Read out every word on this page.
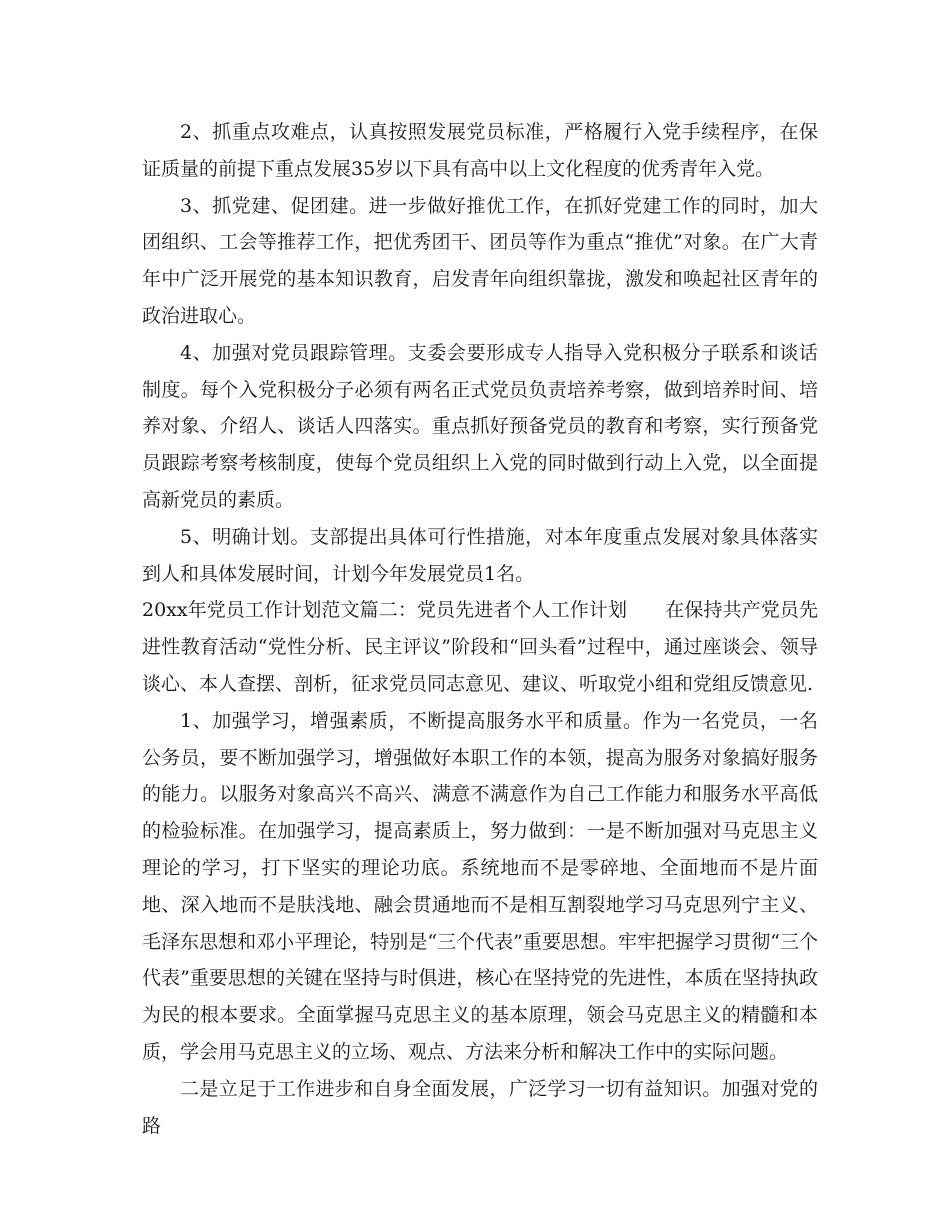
2、抓重点攻难点，认真按照发展党员标准，严格履行入党手续程序，在保证质量的前提下重点发展35岁以下具有高中以上文化程度的优秀青年入党。

3、抓党建、促团建。进一步做好推优工作，在抓好党建工作的同时，加大团组织、工会等推荐工作，把优秀团干、团员等作为重点“推优”对象。在广大青年中广泛开展党的基本知识教育，启发青年向组织靠拢，激发和唤起社区青年的政治进取心。

4、加强对党员跟踪管理。支委会要形成专人指导入党积极分子联系和谈话制度。每个入党积极分子必须有两名正式党员负责培养考察，做到培养时间、培养对象、介绍人、谈话人四落实。重点抓好预备党员的教育和考察，实行预备党员跟踪考察考核制度，使每个党员组织上入党的同时做到行动上入党，以全面提高新党员的素质。

5、明确计划。支部提出具体可行性措施，对本年度重点发展对象具体落实到人和具体发展时间，计划今年发展党员1名。

20xx年党员工作计划范文篇二：党员先进者个人工作计划　　在保持共产党员先进性教育活动“党性分析、民主评议”阶段和“回头看”过程中，通过座谈会、领导谈心、本人查摆、剖析，征求党员同志意见、建议、听取党小组和党组反馈意见.

1、加强学习，增强素质，不断提高服务水平和质量。作为一名党员，一名公务员，要不断加强学习，增强做好本职工作的本领，提高为服务对象搞好服务的能力。以服务对象高兴不高兴、满意不满意作为自己工作能力和服务水平高低的检验标准。在加强学习，提高素质上，努力做到：一是不断加强对马克思主义理论的学习，打下坚实的理论功底。系统地而不是零碎地、全面地而不是片面地、深入地而不是肤浅地、融会贯通地而不是相互割裂地学习马克思列宁主义、毛泽东思想和邓小平理论，特别是“三个代表”重要思想。牢牢把握学习贯彻“三个代表”重要思想的关键在坚持与时俱进，核心在坚持党的先进性，本质在坚持执政为民的根本要求。全面掌握马克思主义的基本原理，领会马克思主义的精髓和本质，学会用马克思主义的立场、观点、方法来分析和解决工作中的实际问题。

二是立足于工作进步和自身全面发展，广泛学习一切有益知识。加强对党的路
